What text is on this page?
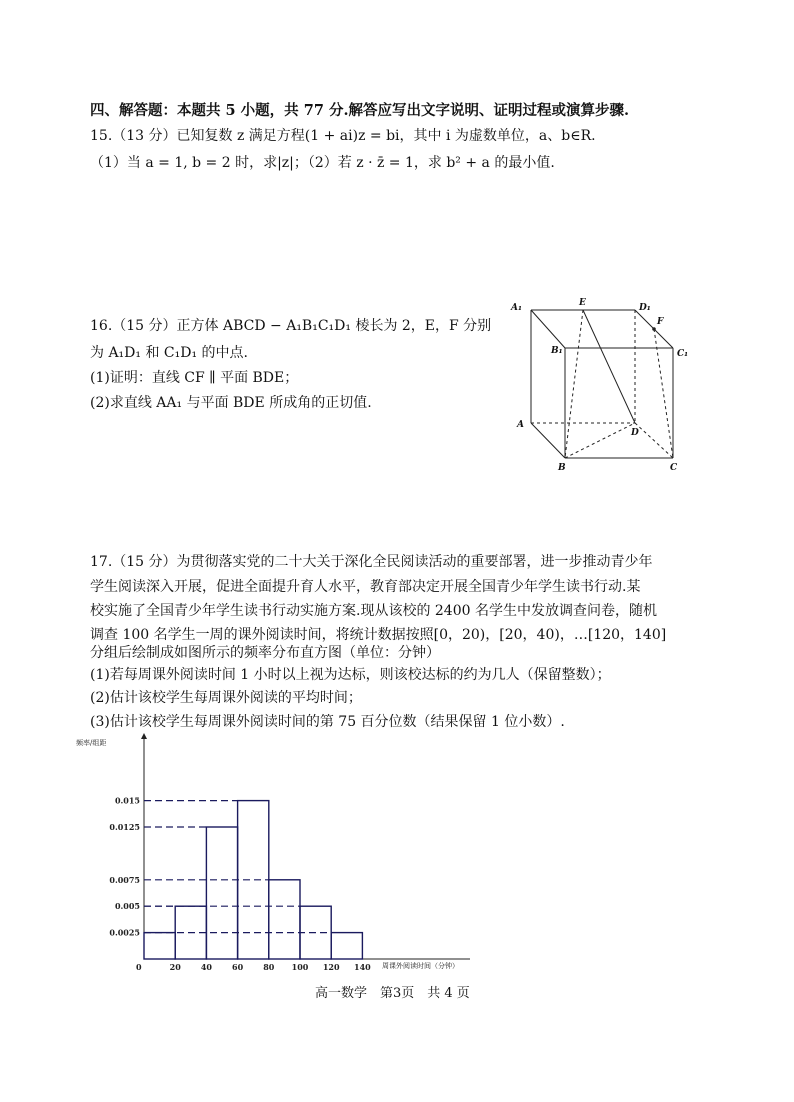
四、解答题：本题共 5 小题，共 77 分.解答应写出文字说明、证明过程或演算步骤.
15.（13 分）已知复数 z 满足方程(1 + ai)z = bi，其中 i 为虚数单位，a、b∈R.
（1）当 a = 1, b = 2 时，求|z|；（2）若 z · z̄ = 1，求 b² + a 的最小值.
16.（15 分）正方体 ABCD − A₁B₁C₁D₁ 棱长为 2，E，F 分别
为 A₁D₁ 和 C₁D₁ 的中点.
(1)证明：直线 CF ∥ 平面 BDE；
(2)求直线 AA₁ 与平面 BDE 所成角的正切值.
A₁	E	D₁
F
B₁	C₁
A
D
B	C
17.（15 分）为贯彻落实党的二十大关于深化全民阅读活动的重要部署，进一步推动青少年
学生阅读深入开展，促进全面提升育人水平，教育部决定开展全国青少年学生读书行动.某
校实施了全国青少年学生读书行动实施方案.现从该校的 2400 名学生中发放调查问卷，随机
调查 100 名学生一周的课外阅读时间，将统计数据按照[0，20)，[20，40)，…[120，140]
分组后绘制成如图所示的频率分布直方图（单位：分钟）
(1)若每周课外阅读时间 1 小时以上视为达标，则该校达标的约为几人（保留整数）；
(2)估计该校学生每周课外阅读的平均时间；
(3)估计该校学生每周课外阅读时间的第 75 百分位数（结果保留 1 位小数）.
频率/组距
周课外阅读时间（分钟）
0
0.0025
0.005
0.0075
0.0125
0.015
20	40	60	80 100 120 140
高一数学　第3页　共 4 页
